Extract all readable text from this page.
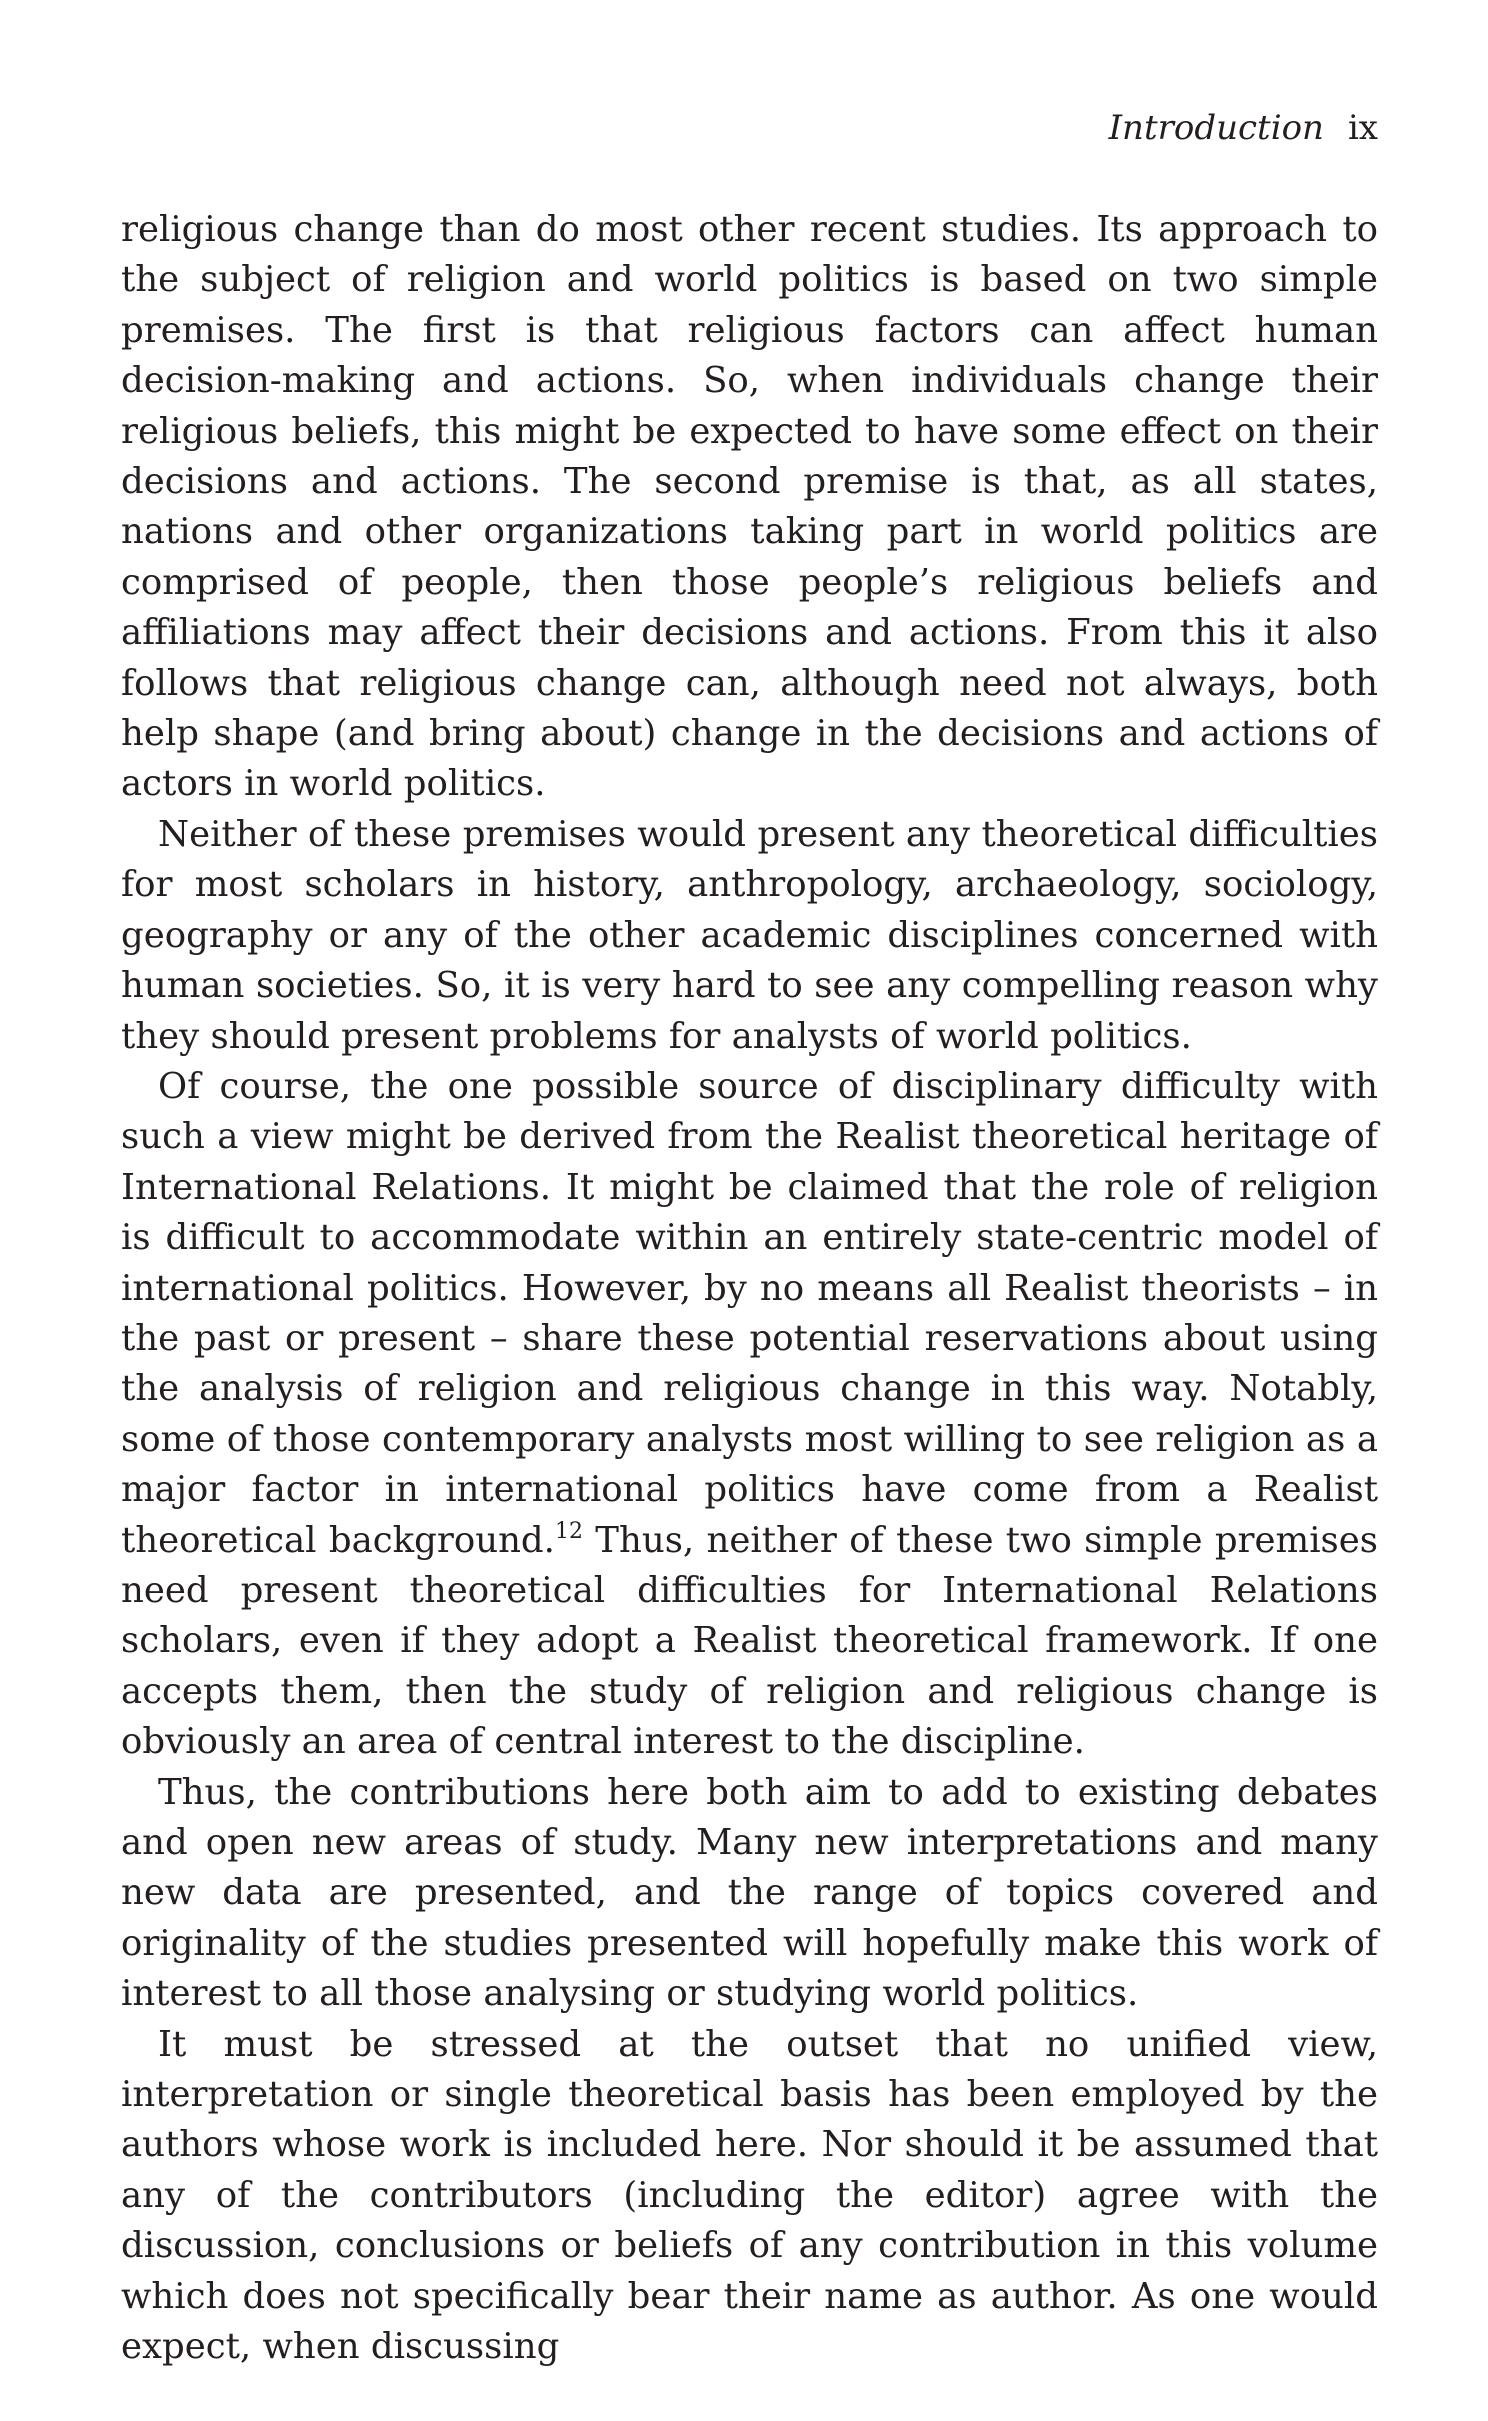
Introduction ix

religious change than do most other recent studies. Its approach to the subject of religion and world politics is based on two simple premises. The first is that religious factors can affect human decision-making and actions. So, when individuals change their religious beliefs, this might be expected to have some effect on their decisions and actions. The second premise is that, as all states, nations and other organizations taking part in world politics are comprised of people, then those people’s religious beliefs and affiliations may affect their decisions and actions. From this it also follows that religious change can, although need not always, both help shape (and bring about) change in the decisions and actions of actors in world politics.

Neither of these premises would present any theoretical difficulties for most scholars in history, anthropology, archaeology, sociology, geography or any of the other academic disciplines concerned with human societies. So, it is very hard to see any compelling reason why they should present problems for analysts of world politics.

Of course, the one possible source of disciplinary difficulty with such a view might be derived from the Realist theoretical heritage of International Relations. It might be claimed that the role of religion is difficult to accommodate within an entirely state-centric model of international politics. However, by no means all Realist theorists – in the past or present – share these potential reservations about using the analysis of religion and religious change in this way. Notably, some of those contemporary analysts most willing to see religion as a major factor in international politics have come from a Realist theoretical background.$^{12}$ Thus, neither of these two simple premises need present theoretical difficulties for International Relations scholars, even if they adopt a Realist theoretical framework. If one accepts them, then the study of religion and religious change is obviously an area of central interest to the discipline.

Thus, the contributions here both aim to add to existing debates and open new areas of study. Many new interpretations and many new data are presented, and the range of topics covered and originality of the studies presented will hopefully make this work of interest to all those analysing or studying world politics.

It must be stressed at the outset that no unified view, interpretation or single theoretical basis has been employed by the authors whose work is included here. Nor should it be assumed that any of the contributors (including the editor) agree with the discussion, conclusions or beliefs of any contribution in this volume which does not specifically bear their name as author. As one would expect, when discussing
